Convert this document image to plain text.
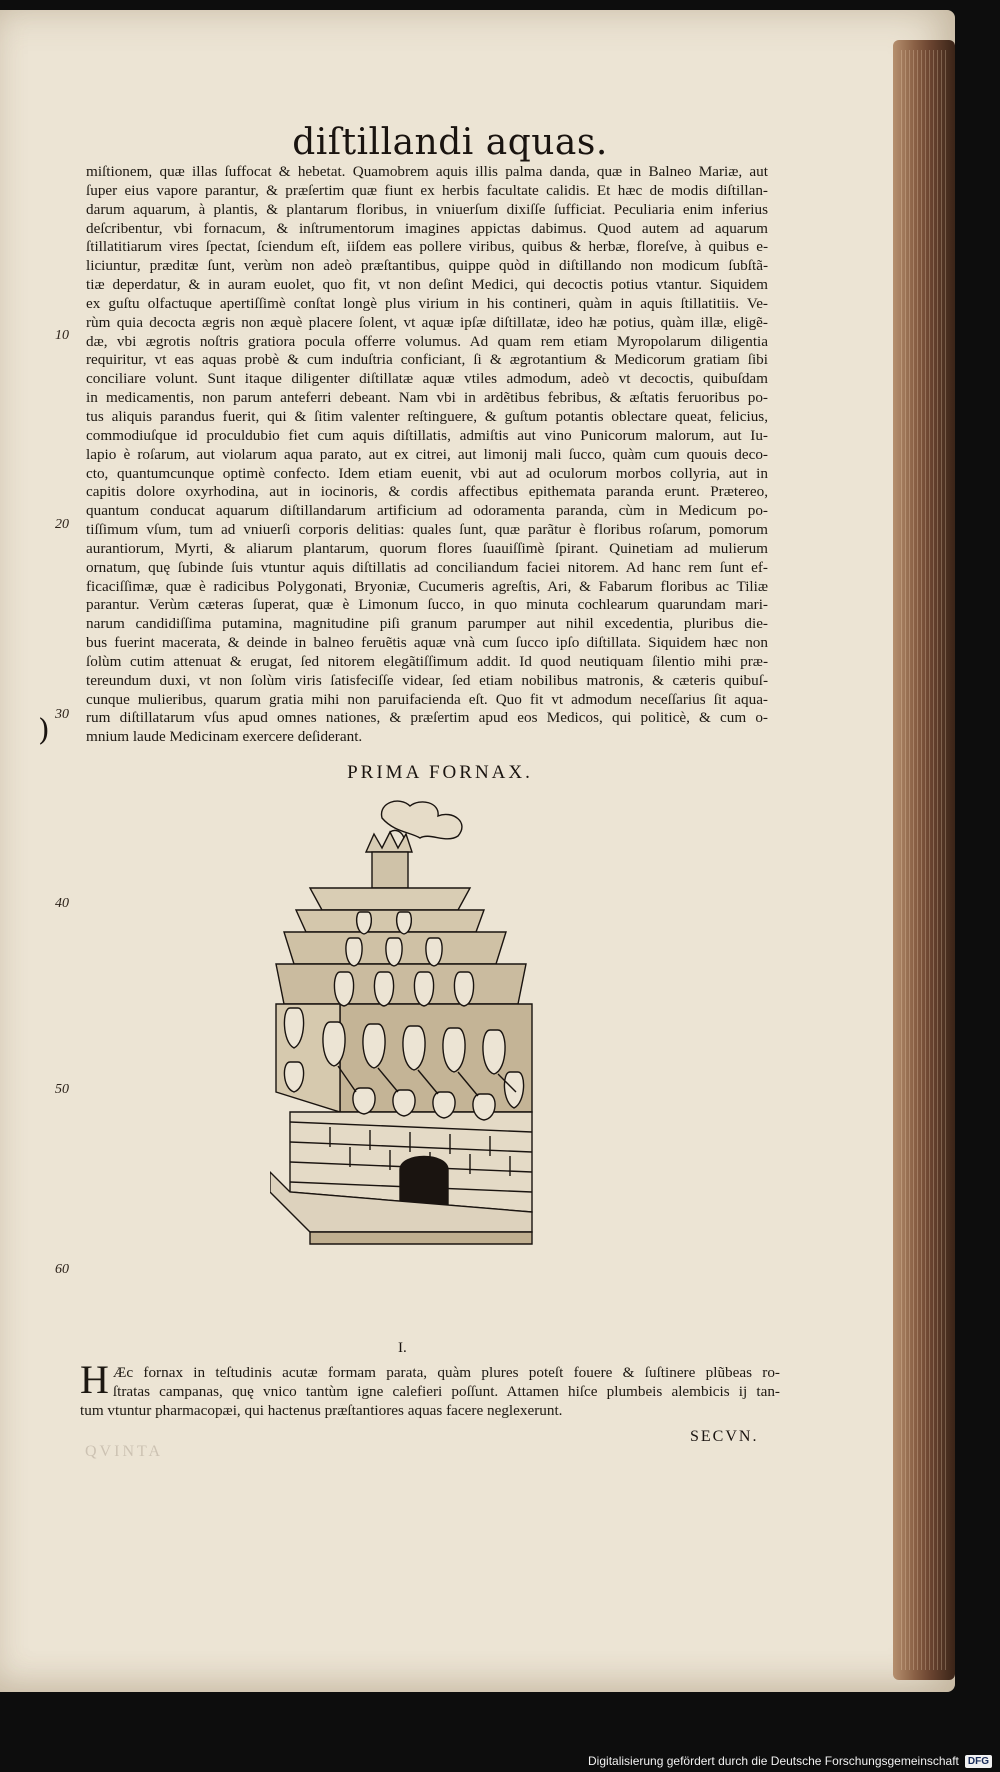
diſtillandi aquas.
miſtionem, quæ illas ſuffocat & hebetat. Quamobrem aquis illis palma danda, quæ in Balneo Mariæ, aut
ſuper eius vapore parantur, & præſertim quæ fiunt ex herbis facultate calidis. Et hæc de modis diſtillan-
darum aquarum, à plantis, & plantarum floribus, in vniuerſum dixiſſe ſufficiat. Peculiaria enim inferius
deſcribentur, vbi fornacum, & inſtrumentorum imagines appictas dabimus. Quod autem ad aquarum
ſtillatitiarum vires ſpectat, ſciendum eſt, iiſdem eas pollere viribus, quibus & herbæ, floreſve, à quibus e-
liciuntur, præditæ ſunt, verùm non adeò præſtantibus, quippe quòd in diſtillando non modicum ſubſtã-
tiæ deperdatur, & in auram euolet, quo fit, vt non deſint Medici, qui decoctis potius vtantur. Siquidem
ex guſtu olfactuque apertiſſimè conſtat longè plus virium in his contineri, quàm in aquis ſtillatitiis. Ve-
rùm quia decocta ægris non æquè placere ſolent, vt aquæ ipſæ diſtillatæ, ideo hæ potius, quàm illæ, eligẽ-
dæ, vbi ægrotis noſtris gratiora pocula offerre volumus. Ad quam rem etiam Myropolarum diligentia
requiritur, vt eas aquas probè & cum induſtria conficiant, ſi & ægrotantium & Medicorum gratiam ſibi
conciliare volunt. Sunt itaque diligenter diſtillatæ aquæ vtiles admodum, adeò vt decoctis, quibuſdam
in medicamentis, non parum anteferri debeant. Nam vbi in ardẽtibus febribus, & æſtatis feruoribus po-
tus aliquis parandus fuerit, qui & ſitim valenter reſtinguere, & guſtum potantis oblectare queat, felicius,
commodiuſque id proculdubio fiet cum aquis diſtillatis, admiſtis aut vino Punicorum malorum, aut Iu-
lapio è roſarum, aut violarum aqua parato, aut ex citrei, aut limonij mali ſucco, quàm cum quouis deco-
cto, quantumcunque optimè confecto. Idem etiam euenit, vbi aut ad oculorum morbos collyria, aut in
capitis dolore oxyrhodina, aut in iocinoris, & cordis affectibus epithemata paranda erunt. Prætereo,
quantum conducat aquarum diſtillandarum artificium ad odoramenta paranda, cùm in Medicum po-
tiſſimum vſum, tum ad vniuerſi corporis delitias: quales ſunt, quæ parãtur è floribus roſarum, pomorum
aurantiorum, Myrti, & aliarum plantarum, quorum flores ſuauiſſimè ſpirant. Quinetiam ad mulierum
ornatum, quę ſubinde ſuis vtuntur aquis diſtillatis ad conciliandum faciei nitorem. Ad hanc rem ſunt ef-
ficaciſſimæ, quæ è radicibus Polygonati, Bryoniæ, Cucumeris agreſtis, Ari, & Fabarum floribus ac Tiliæ
parantur. Verùm cæteras ſuperat, quæ è Limonum ſucco, in quo minuta cochlearum quarundam mari-
narum candidiſſima putamina, magnitudine piſi granum parumper aut nihil excedentia, pluribus die-
bus fuerint macerata, & deinde in balneo feruẽtis aquæ vnà cum ſucco ipſo diſtillata. Siquidem hæc non
ſolùm cutim attenuat & erugat, ſed nitorem elegãtiſſimum addit. Id quod neutiquam ſilentio mihi præ-
tereundum duxi, vt non ſolùm viris ſatisfeciſſe videar, ſed etiam nobilibus matronis, & cæteris quibuſ-
cunque mulieribus, quarum gratia mihi non paruifacienda eſt. Quo fit vt admodum neceſſarius ſit aqua-
rum diſtillatarum vſus apud omnes nationes, & præſertim apud eos Medicos, qui politicè, & cum o-
mnium laude Medicinam exercere deſiderant.
10
20
30
40
50
60
)
PRIMA FORNAX.
I.
H Æc fornax in teſtudinis acutæ formam parata, quàm plures poteſt fouere & ſuſtinere plũbeas ro-
ſtratas campanas, quę vnico tantùm igne calefieri poſſunt. Attamen hiſce plumbeis alembicis ij tan-
tum vtuntur pharmacopæi, qui hactenus præſtantiores aquas facere neglexerunt.
SECVN.
QVINTA
Digitalisierung gefördert durch die Deutsche Forschungsgemeinschaft DFG
